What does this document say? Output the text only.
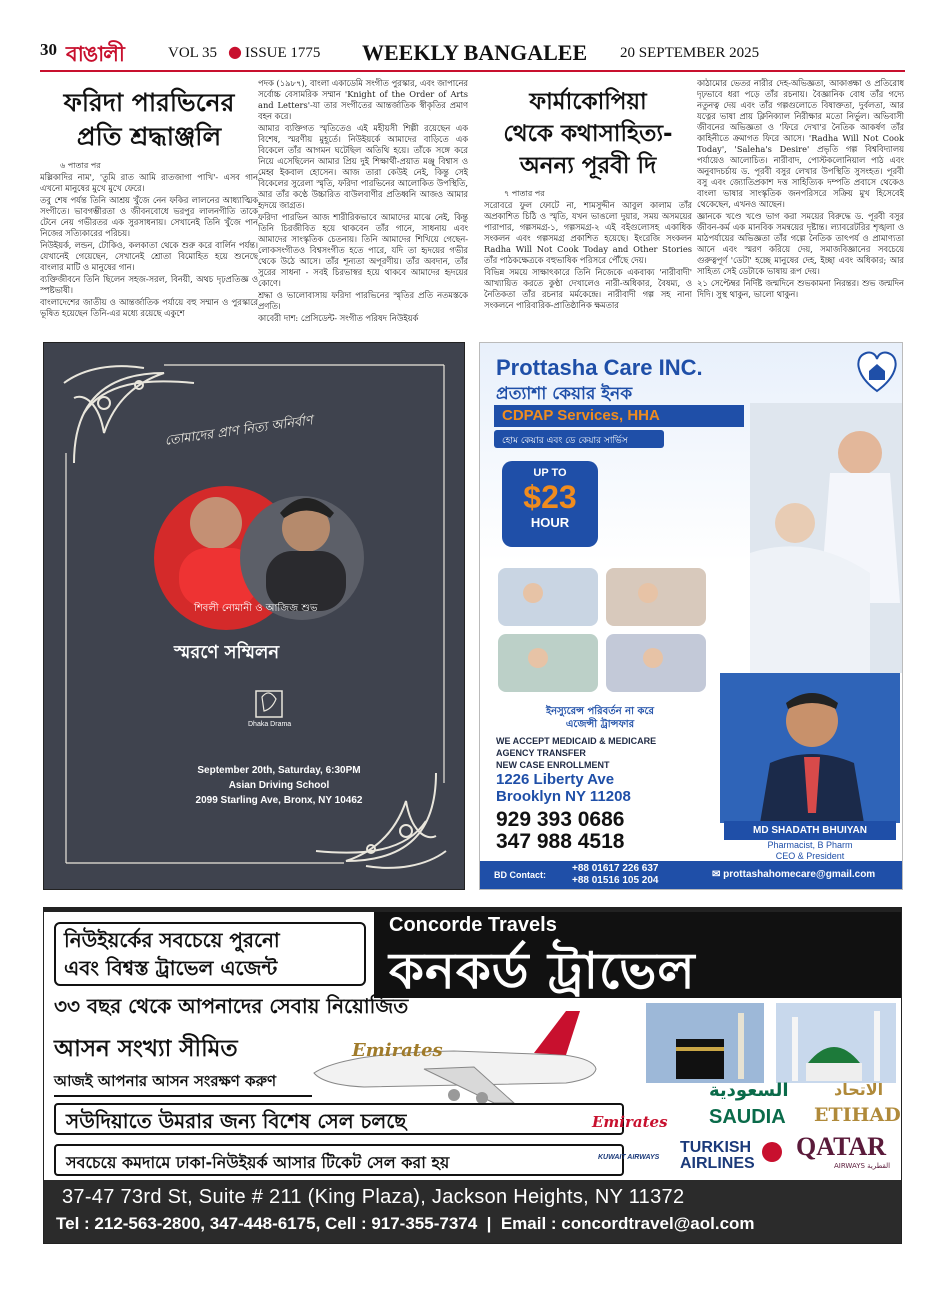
30 বাঙালী	VOL 35 ● ISSUE 1775 WEEKLY BANGALEE 20 SEPTEMBER 2025
ফরিদা পারভিনের
প্রতি শ্রদ্ধাঞ্জলি

৬ পাতার পর

মল্লিকাদির নাম', 'তুমি রাত আমি রাতজাগা পাখি'- এসব গান এখনো মানুষের মুখে মুখে ফেরে।

তবু শেষ পর্যন্ত তিনি আশ্রয় খুঁজে নেন ফকির লালনের আধ্যাত্মিক সংগীতে। ভাবগম্ভীরতা ও জীবনবোধে ভরপুর লালনগীতি তাকে টেনে নেয় গভীরতর এক সুরসাধনায়। সেখানেই তিনি খুঁজে পান নিজের সত্যিকারের পরিচয়।

নিউইয়র্ক, লন্ডন, টোকিও, কলকাতা থেকে শুরু করে বার্লিন পর্যন্ত। যেখানেই গেয়েছেন, সেখানেই শ্রোতা বিমোহিত হয়ে শুনেছে বাংলার মাটি ও মানুষের গান।

ব্যক্তিজীবনে তিনি ছিলেন সহজ-সরল, বিনয়ী, অথচ দৃঢ়প্রতিজ্ঞ ও স্পষ্টভাষী।

বাংলাদেশের জাতীয় ও আন্তর্জাতিক পর্যায়ে বহু সম্মান ও পুরস্কারে ভূষিত হয়েছেন তিনি-এর মধ্যে রয়েছে একুশে

পদক (১৯৮৭), বাংলা একাডেমি সংগীত পুরস্কার, এবং জাপানের সর্বোচ্চ বেসামরিক সম্মান 'Knight of the Order of Arts and Letters'-যা তার সংগীতের আন্তর্জাতিক স্বীকৃতির প্রমাণ বহন করে।

আমার ব্যক্তিগত স্মৃতিতেও এই মহীয়সী শিল্পী রয়েছেন এক বিশেষ, স্মরণীয় মুহূর্তে। নিউইয়র্কে আমাদের বাড়িতে এক বিকেলে তাঁর আগমন ঘটেছিল অতিথি হয়ে। তাঁকে সঙ্গে করে নিয়ে এসেছিলেন আমার প্রিয় দুই শিক্ষার্থী-প্রয়াত মঞ্জু বিশ্বাস ও মেহ্ব ইকবাল হোসেন। আজ তারা কেউই নেই, কিন্তু সেই বিকেলের সুরেলা স্মৃতি, ফরিদা পারভিনের আলোকিত উপস্থিতি, আর তাঁর কণ্ঠে উচ্চারিত বাউলবাণীর প্রতিধ্বনি আজও আমার হৃদয়ে জাগ্রত।

ফরিদা পারভিন আজ শারীরিকভাবে আমাদের মাঝে নেই, কিন্তু তিনি চিরজীবিত হয়ে থাকবেন তাঁর গানে, সাধনায় এবং আমাদের সাংস্কৃতিক চেতনায়। তিনি আমাদের শিখিয়ে গেছেন-লোকসংগীতও বিশ্বসংগীত হতে পারে, যদি তা হৃদয়ের গভীর থেকে উঠে আসে। তাঁর শূন্যতা অপূরণীয়। তাঁর অবদান, তাঁর সুরের সাধনা - সবই চিরভাস্বর হয়ে থাকবে আমাদের হৃদয়ের কোণে।

শ্রদ্ধা ও ভালোবাসায় ফরিদা পারভিনের স্মৃতির প্রতি নতমস্তকে প্রণতি।

কাবেরী দাশ: প্রেসিডেন্ট- সংগীত পরিষদ নিউইয়র্ক

ফার্মাকোপিয়া
থেকে কথাসাহিত্য-
অনন্য পূরবী দি

৭ পাতার পর

সরোবরে ফুল ফোটে না, শামসুদ্দীন আবুল কালাম তাঁর অপ্রকাশিত চিঠি ও স্মৃতি, যখন ভাঙলো দুয়ার, সময় অসময়ের পারাপার, গল্পসমগ্র-১, গল্পসমগ্র-২ এই বইগুলোসহ একাধিক সংকলন এবং গল্পসমগ্র প্রকাশিত হয়েছে। ইংরেজি সংকলন Radha Will Not Cook Today and Other Stories তাঁর পাঠকক্ষেত্রকে বহুভাষিক পরিসরে পৌঁছে দেয়।

বিভিন্ন সময়ে সাক্ষাৎকারে তিনি নিজেকে একবাক্য 'নারীবাদী' আখ্যায়িত করতে কুণ্ঠা দেখালেও নারী-অধিকার, বৈষম্য, ও নৈতিকতা তাঁর রচনার মর্মকেন্দ্রে। নারীবাদী গল্প সহ নানা সংকলনে পারিবারিক-প্রাতিষ্ঠানিক ক্ষমতার

কাঠামোর ভেতর নারীর দেহ-অভিজ্ঞতা, আকাঙ্ক্ষা ও প্রতিরোধ দৃঢ়ভাবে ধরা পড়ে তাঁর রচনায়। বৈজ্ঞানিক বোধ তাঁর গদ্যে নতুনত্ব দেয় এবং তাঁর গল্পগুলোতে বিষাক্ততা, দুর্বলতা, আর যত্নের ভাষা প্রায় ক্লিনিক্যাল নিরীক্ষার মতো নির্ভুল। অভিবাসী জীবনের অভিজ্ঞতা ও 'ফিরে দেখা'র নৈতিক আকর্ষণ তাঁর কাহিনীতে ক্রমাগত ফিরে আসে। 'Radha Will Not Cook Today', 'Saleha's Desire' প্রভৃতি গল্প বিশ্ববিদ্যালয় পর্যায়েও আলোচিত। নারীবাদ, পোস্টকলোনিয়াল পাঠ এবং অনুবাদচর্চায় ড. পূরবী বসুর লেখার উপস্থিতি সুসংহত। পূরবী বসু এবং জ্যোতিপ্রকাশ দত্ত সাহিত্যিক দম্পতি প্রবাসে থেকেও বাংলা ভাষার সাংস্কৃতিক জনপরিসরে সক্রিয় মুখ হিসেবেই থেকেছেন, এখনও আছেন।

জ্ঞানকে খণ্ডে খণ্ডে ভাগ করা সময়ের বিরুদ্ধে ড. পূরবী বসুর জীবন-কর্ম এক মানবিক সমন্বয়ের দৃষ্টান্ত। ল্যাবরেটরির শৃঙ্খলা ও মাঠপর্যায়ের অভিজ্ঞতা তাঁর গল্পে নৈতিক তাৎপর্য ও প্রামাণ্যতা আনে এবং স্মরণ করিয়ে দেয়, সমাজবিজ্ঞানের সবচেয়ে গুরুত্বপূর্ণ 'ডেটা' হচ্ছে মানুষের দেহ, ইচ্ছা এবং অধিকার; আর সাহিত্য সেই ডেটাকে ভাষায় রূপ দেয়।

২১ সেপ্টেম্বর নির্দিষ্ট জন্মদিনে শুভকামনা নিরন্তর। শুভ জন্মদিন দিদি। সুস্থ থাকুন, ভালো থাকুন।

তোমাদের প্রাণ নিত্য অনির্বাণ
শিবলী নোমানী ও আজিজ শুভ
স্মরণে সম্মিলন
Dhaka Drama
September 20th, Saturday, 6:30PM
Asian Driving School
2099 Starling Ave, Bronx, NY 10462
Prottasha Care INC.
প্রত্যাশা কেয়ার ইনক
CDPAP Services, HHA
হোম কেয়ার এবং ডে কেয়ার সার্ভিস
UP TO
$23
HOUR
ইনস্যুরেন্স পরিবর্তন না করে
এজেন্সী ট্রান্সফার
WE ACCEPT MEDICAID & MEDICARE
AGENCY TRANSFER
NEW CASE ENROLLMENT
1226 Liberty Ave
Brooklyn NY 11208
929 393 0686
347 988 4518	MD SHADATH BHUIYAN
Pharmacist, B Pharm
CEO & President
BD Contact:
+88 01617 226 637
+88 01516 105 204
✉ prottashahomecare@gmail.com
Concorde Travels
কনকর্ড ট্রাভেল
নিউইয়র্কের সবচেয়ে পুরনো
এবং বিশ্বস্ত ট্রাভেল এজেন্ট
৩৩ বছর থেকে আপনাদের সেবায় নিয়োজিত
আসন সংখ্যা সীমিত
আজই আপনার আসন সংরক্ষণ করুণ
Emirates
সউদিয়াতে উমরার জন্য বিশেষ সেল চলছে
সবচেয়ে কমদামে ঢাকা-নিউইয়র্ক আসার টিকেট সেল করা হয়
Emirates
السعودية
SAUDIA
الاتحاد
ETIHAD
KUWAIT AIRWAYS
TURKISH
AIRLINES
QATAR
AIRWAYS القطرية
37-47 73rd St, Suite # 211 (King Plaza), Jackson Heights, NY 11372
Tel : 212-563-2800, 347-448-6175, Cell : 917-355-7374  |  Email : concordtravel@aol.com
